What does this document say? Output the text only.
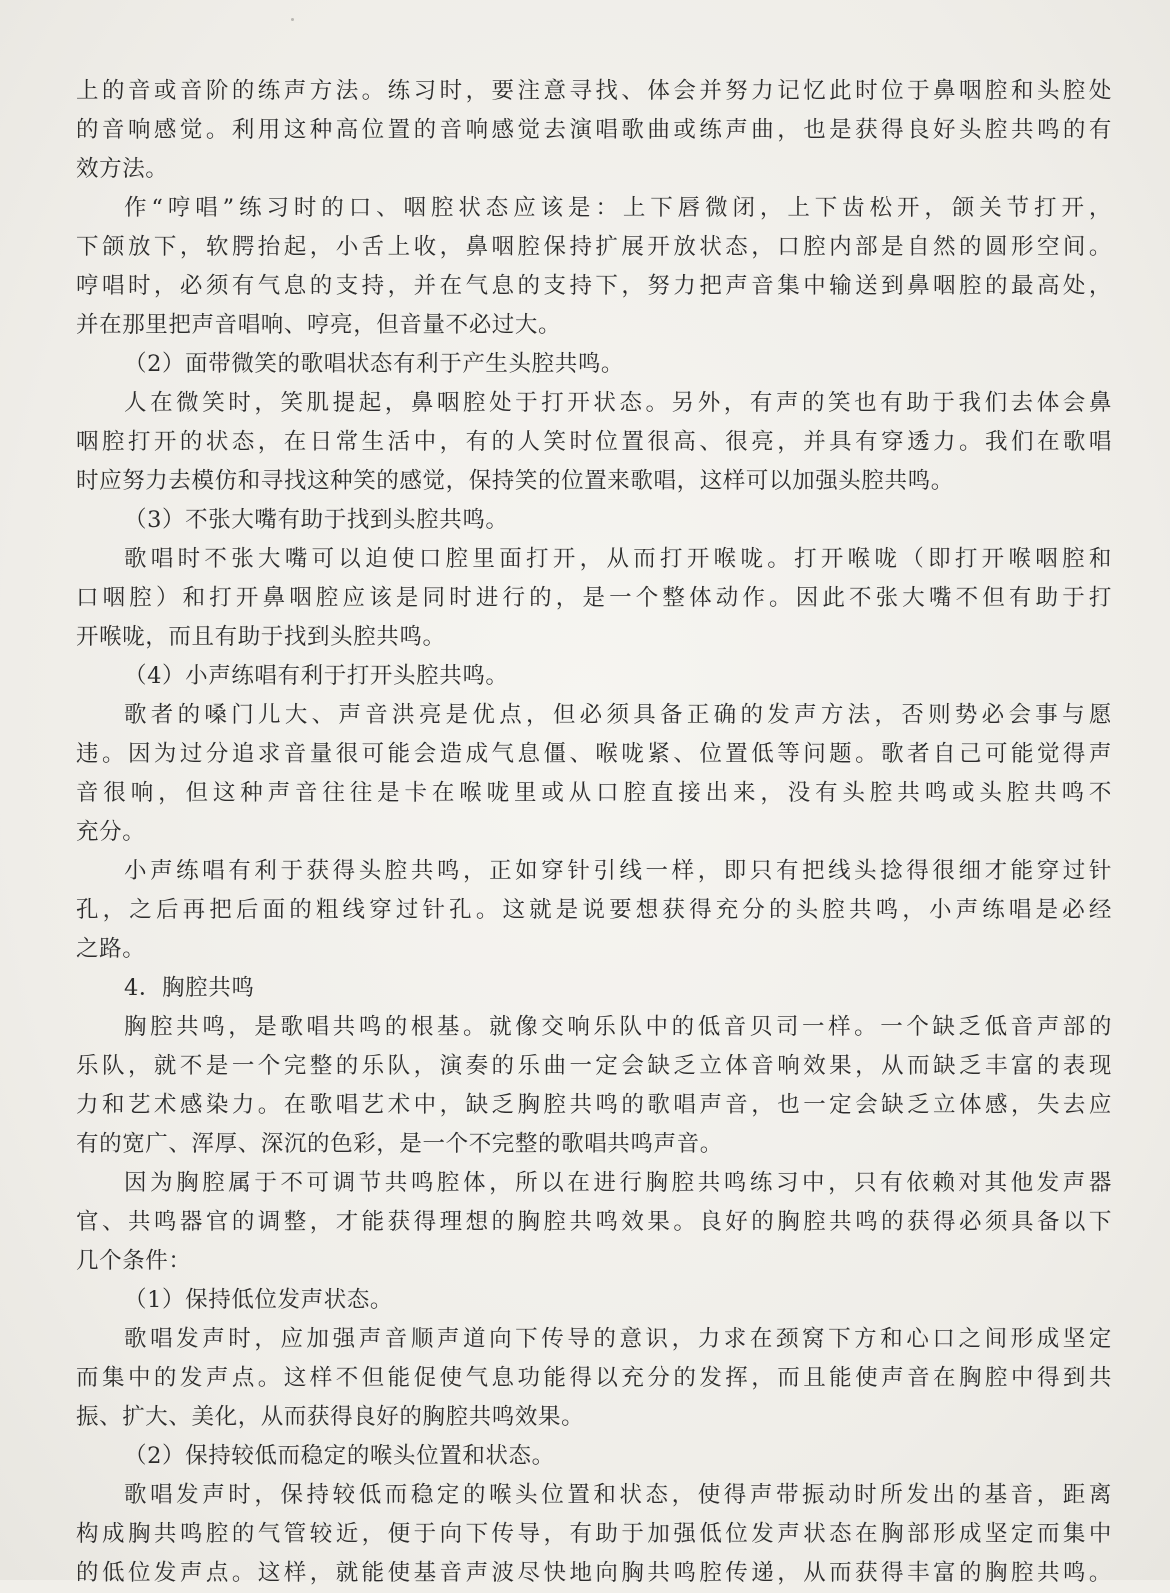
上的音或音阶的练声方法。练习时，要注意寻找、体会并努力记忆此时位于鼻咽腔和头腔处
的音响感觉。利用这种高位置的音响感觉去演唱歌曲或练声曲，也是获得良好头腔共鸣的有
效方法。
作“哼唱”练习时的口、咽腔状态应该是：上下唇微闭，上下齿松开，颌关节打开，
下颌放下，软腭抬起，小舌上收，鼻咽腔保持扩展开放状态，口腔内部是自然的圆形空间。
哼唱时，必须有气息的支持，并在气息的支持下，努力把声音集中输送到鼻咽腔的最高处，
并在那里把声音唱响、哼亮，但音量不必过大。
（2）面带微笑的歌唱状态有利于产生头腔共鸣。
人在微笑时，笑肌提起，鼻咽腔处于打开状态。另外，有声的笑也有助于我们去体会鼻
咽腔打开的状态，在日常生活中，有的人笑时位置很高、很亮，并具有穿透力。我们在歌唱
时应努力去模仿和寻找这种笑的感觉，保持笑的位置来歌唱，这样可以加强头腔共鸣。
（3）不张大嘴有助于找到头腔共鸣。
歌唱时不张大嘴可以迫使口腔里面打开，从而打开喉咙。打开喉咙（即打开喉咽腔和
口咽腔）和打开鼻咽腔应该是同时进行的，是一个整体动作。因此不张大嘴不但有助于打
开喉咙，而且有助于找到头腔共鸣。
（4）小声练唱有利于打开头腔共鸣。
歌者的嗓门儿大、声音洪亮是优点，但必须具备正确的发声方法，否则势必会事与愿
违。因为过分追求音量很可能会造成气息僵、喉咙紧、位置低等问题。歌者自己可能觉得声
音很响，但这种声音往往是卡在喉咙里或从口腔直接出来，没有头腔共鸣或头腔共鸣不
充分。
小声练唱有利于获得头腔共鸣，正如穿针引线一样，即只有把线头捻得很细才能穿过针
孔，之后再把后面的粗线穿过针孔。这就是说要想获得充分的头腔共鸣，小声练唱是必经
之路。
4．胸腔共鸣
胸腔共鸣，是歌唱共鸣的根基。就像交响乐队中的低音贝司一样。一个缺乏低音声部的
乐队，就不是一个完整的乐队，演奏的乐曲一定会缺乏立体音响效果，从而缺乏丰富的表现
力和艺术感染力。在歌唱艺术中，缺乏胸腔共鸣的歌唱声音，也一定会缺乏立体感，失去应
有的宽广、浑厚、深沉的色彩，是一个不完整的歌唱共鸣声音。
因为胸腔属于不可调节共鸣腔体，所以在进行胸腔共鸣练习中，只有依赖对其他发声器
官、共鸣器官的调整，才能获得理想的胸腔共鸣效果。良好的胸腔共鸣的获得必须具备以下
几个条件：
（1）保持低位发声状态。
歌唱发声时，应加强声音顺声道向下传导的意识，力求在颈窝下方和心口之间形成坚定
而集中的发声点。这样不但能促使气息功能得以充分的发挥，而且能使声音在胸腔中得到共
振、扩大、美化，从而获得良好的胸腔共鸣效果。
（2）保持较低而稳定的喉头位置和状态。
歌唱发声时，保持较低而稳定的喉头位置和状态，使得声带振动时所发出的基音，距离
构成胸共鸣腔的气管较近，便于向下传导，有助于加强低位发声状态在胸部形成坚定而集中
的低位发声点。这样，就能使基音声波尽快地向胸共鸣腔传递，从而获得丰富的胸腔共鸣。
